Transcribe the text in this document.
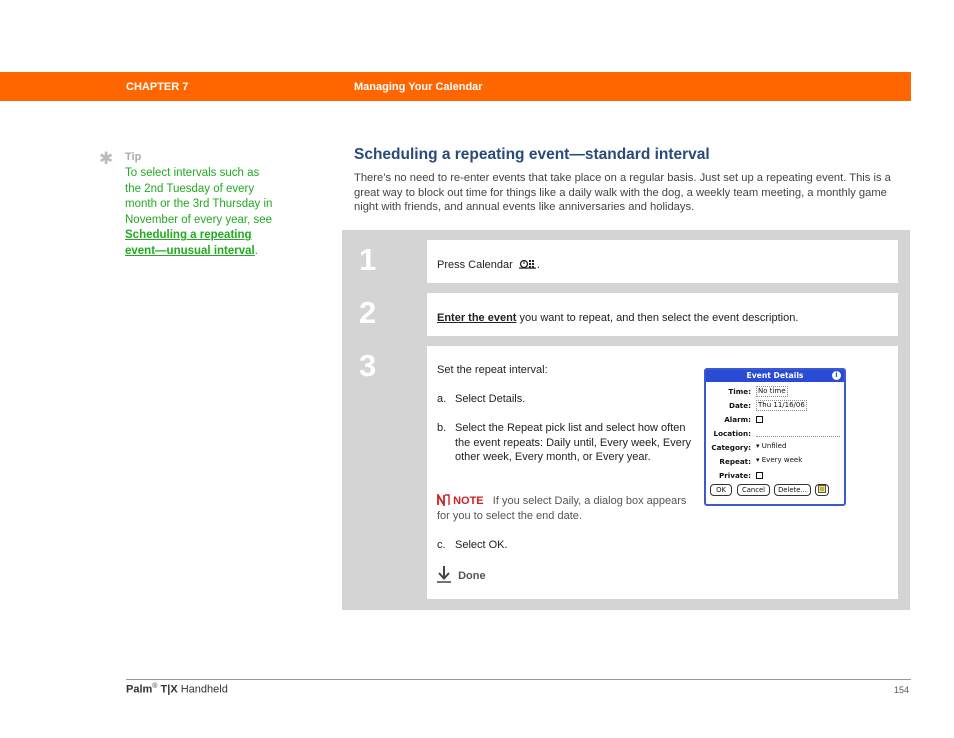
CHAPTER 7	Managing Your Calendar
✱ Tip
To select intervals such as the 2nd Tuesday of every month or the 3rd Thursday in November of every year, see Scheduling a repeating event—unusual interval.
Scheduling a repeating event—standard interval
There’s no need to re-enter events that take place on a regular basis. Just set up a repeating event. This is a great way to block out time for things like a daily walk with the dog, a weekly team meeting, a monthly game night with friends, and annual events like anniversaries and holidays.
1	Press Calendar .
2	Enter the event you want to repeat, and then select the event description.
3	Set the repeat interval:
a. Select Details.
b. Select the Repeat pick list and select how often the event repeats: Daily until, Every week, Every other week, Every month, or Every year.
NOTE If you select Daily, a dialog box appears for you to select the end date.
c. Select OK.
Done
Event Details	i
Time: No time
Date: Thu 11/16/06
Alarm:
Location:
Category: ▾ Unfiled
Repeat: ▾ Every week
Private:
OK	Cancel	Delete...
Palm® T|X Handheld	154
